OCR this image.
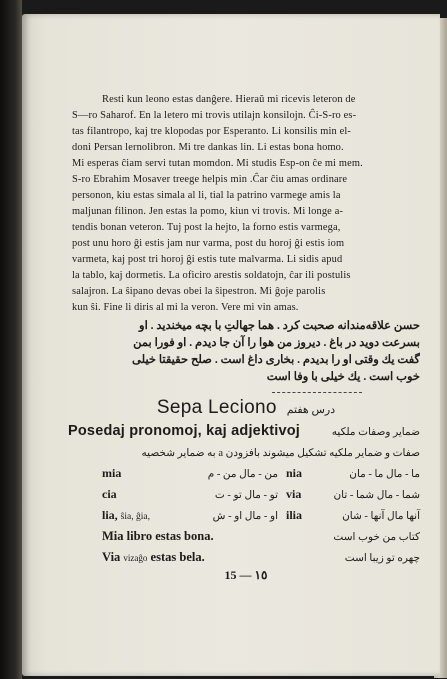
Resti kun leono estas danĝere. Hieraŭ mi ricevis leteron de
S—ro Saharof. En la letero mi trovis utilajn konsilojn. Ĉi-S-ro es-
tas filantropo, kaj tre klopodas por Esperanto. Li konsilis min el-
doni Persan lernolibron. Mi tre dankas lin. Li estas bona homo.
Mi esperas ĉiam servi tutan momdon. Mi studis Esp-on ĉe mi mem.
S-ro Ebrahim Mosaver treege helpis min .Ĉar ĉiu amas ordinare
personon, kiu estas simala al li, tial la patrino varmege amis la
maljunan filinon. Jen estas la pomo, kiun vi trovis. Mi longe a-
tendis bonan veteron. Tuj post la hejto, la forno estis varmega,
post unu horo ĝi estis jam nur varma, post du horoj ĝi estis iom
varmeta, kaj post tri horoj ĝi estis tute malvarma. Li sidis apud
la tablo, kaj dormetis. La oficiro arestis soldatojn, ĉar ili postulis
salajron. La ŝipano devas obei la ŝipestron. Mi ĝoje parolis
kun ŝi. Fine li diris al mi la veron. Vere mi vin amas.
حسن علاقه‌مندانه صحبت کرد . هما جهالتِ با بچه میخندید . او
بسرعت دوید در باغ . دیروز من هوا را آن جا دیدم . او فورا بمن
گفت یك وقتی او را بدیدم . بخاری داغ است . صلح حقیقتا خیلی
خوب است . یك خیلی با وفا است
Sepa Leciono درس هفتم
Posedaj pronomoj, kaj adjektivoj	ضمایر وصفات ملکیه
صفات و ضمایر ملکیه تشکیل میشوند بافزودن a به ضمایر شخصیه
mia	من - مال من - م nia	ما - مال ما - مان
cia	تو - مال تو - ت via	شما - مال شما - تان
lia, ŝia, ĝia,	او - مال او - ش ilia	آنها مال آنها - شان
Mia libro estas bona.	کتاب من خوب است
Via vizaĝo estas bela.	چهره تو زیبا است
15 — ١٥
